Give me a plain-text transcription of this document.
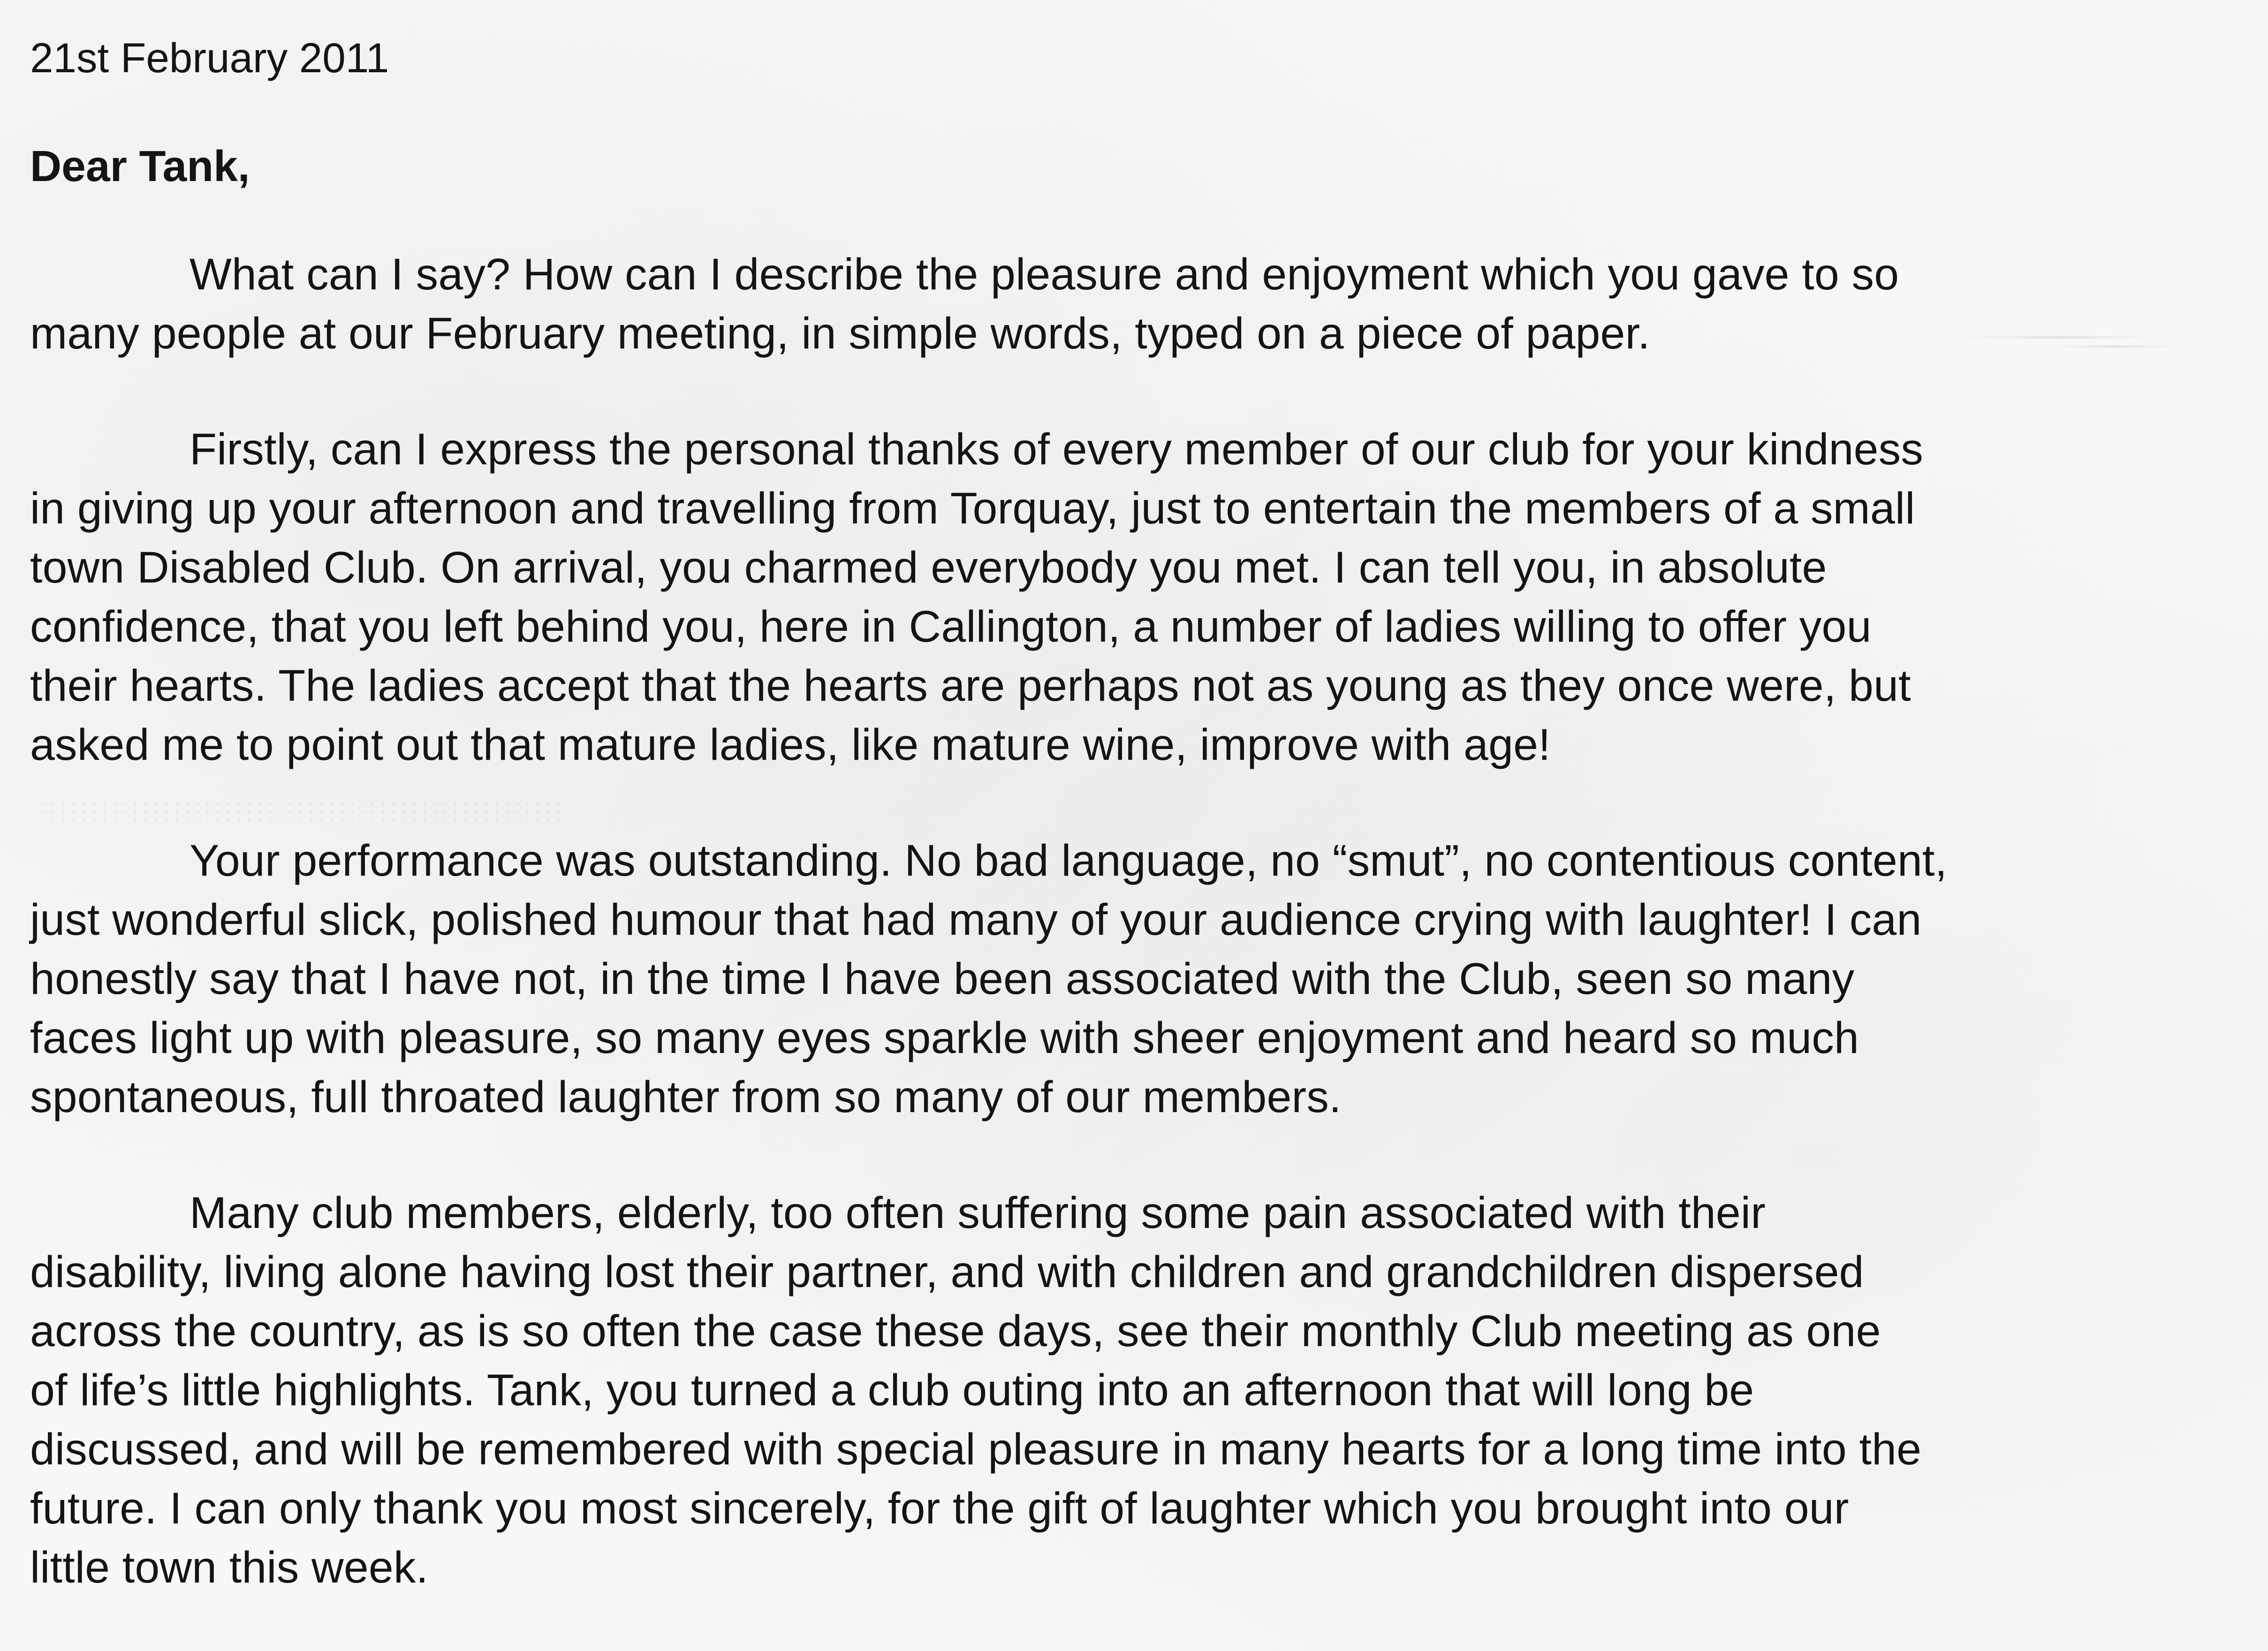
21st February 2011

Dear Tank,

What can I say? How can I describe the pleasure and enjoyment which you gave to so
many people at our February meeting, in simple words, typed on a piece of paper.

Firstly, can I express the personal thanks of every member of our club for your kindness
in giving up your afternoon and travelling from Torquay, just to entertain the members of a small
town Disabled Club. On arrival, you charmed everybody you met. I can tell you, in absolute
confidence, that you left behind you, here in Callington, a number of ladies willing to offer you
their hearts. The ladies accept that the hearts are perhaps not as young as they once were, but
asked me to point out that mature ladies, like mature wine, improve with age!

Your performance was outstanding. No bad language, no “smut”, no contentious content,
just wonderful slick, polished humour that had many of your audience crying with laughter! I can
honestly say that I have not, in the time I have been associated with the Club, seen so many
faces light up with pleasure, so many eyes sparkle with sheer enjoyment and heard so much
spontaneous, full throated laughter from so many of our members.

Many club members, elderly, too often suffering some pain associated with their
disability, living alone having lost their partner, and with children and grandchildren dispersed
across the country, as is so often the case these days, see their monthly Club meeting as one
of life’s little highlights. Tank, you turned a club outing into an afternoon that will long be
discussed, and will be remembered with special pleasure in many hearts for a long time into the
future. I can only thank you most sincerely, for the gift of laughter which you brought into our
little town this week.
